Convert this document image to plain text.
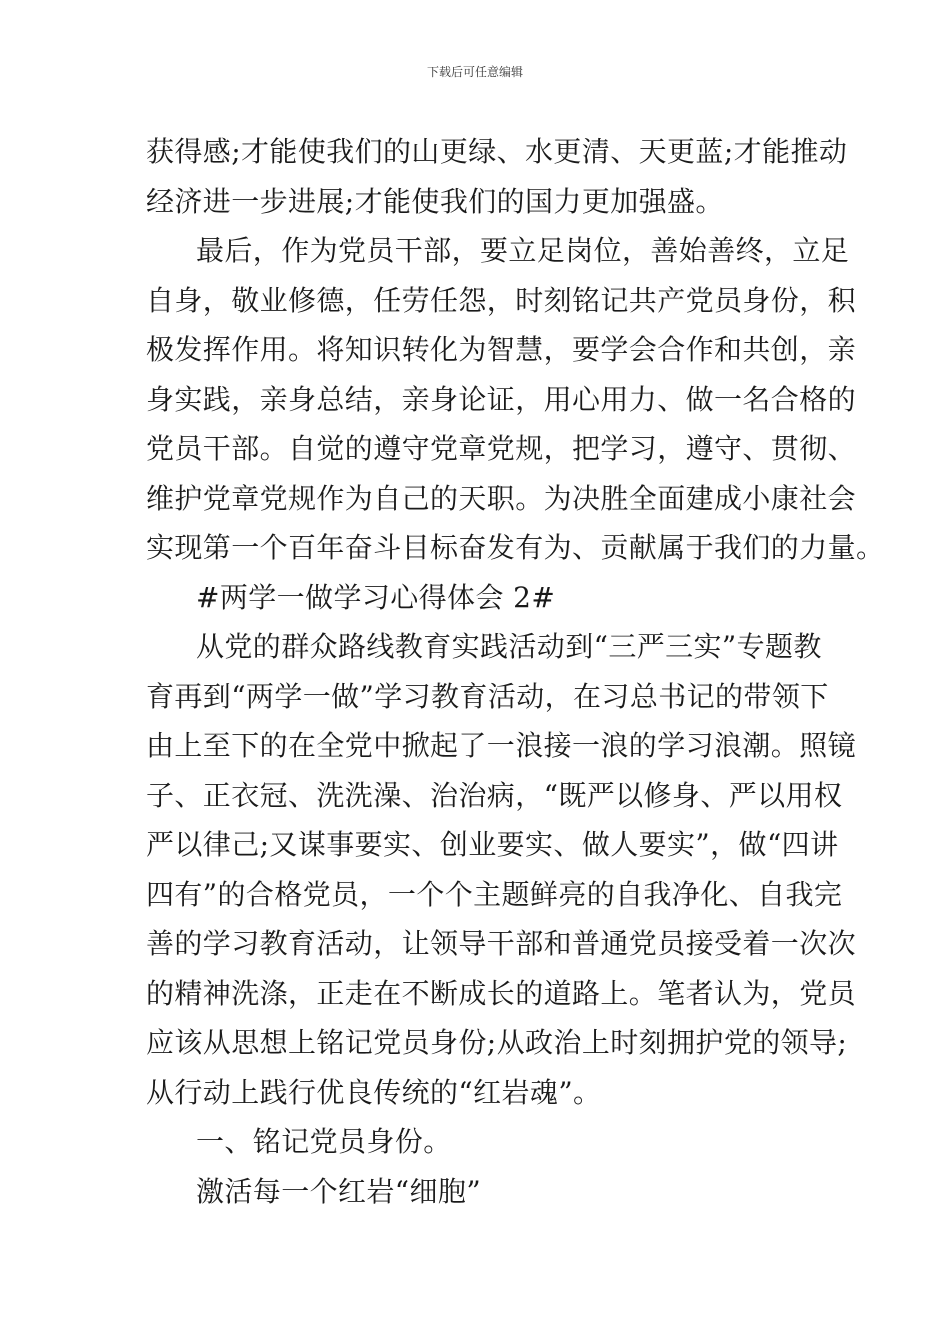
下载后可任意编辑
获得感;才能使我们的山更绿、水更清、天更蓝;才能推动
经济进一步进展;才能使我们的国力更加强盛。
最后，作为党员干部，要立足岗位，善始善终，立足
自身，敬业修德，任劳任怨，时刻铭记共产党员身份，积
极发挥作用。将知识转化为智慧，要学会合作和共创，亲
身实践，亲身总结，亲身论证，用心用力、做一名合格的
党员干部。自觉的遵守党章党规，把学习，遵守、贯彻、
维护党章党规作为自己的天职。为决胜全面建成小康社会
实现第一个百年奋斗目标奋发有为、贡献属于我们的力量。
#两学一做学习心得体会 2#
从党的群众路线教育实践活动到“三严三实”专题教
育再到“两学一做”学习教育活动，在习总书记的带领下
由上至下的在全党中掀起了一浪接一浪的学习浪潮。照镜
子、正衣冠、洗洗澡、治治病，“既严以修身、严以用权
严以律己;又谋事要实、创业要实、做人要实”，做“四讲
四有”的合格党员，一个个主题鲜亮的自我净化、自我完
善的学习教育活动，让领导干部和普通党员接受着一次次
的精神洗涤，正走在不断成长的道路上。笔者认为，党员
应该从思想上铭记党员身份;从政治上时刻拥护党的领导;
从行动上践行优良传统的“红岩魂”。
一、铭记党员身份。
激活每一个红岩“细胞”
